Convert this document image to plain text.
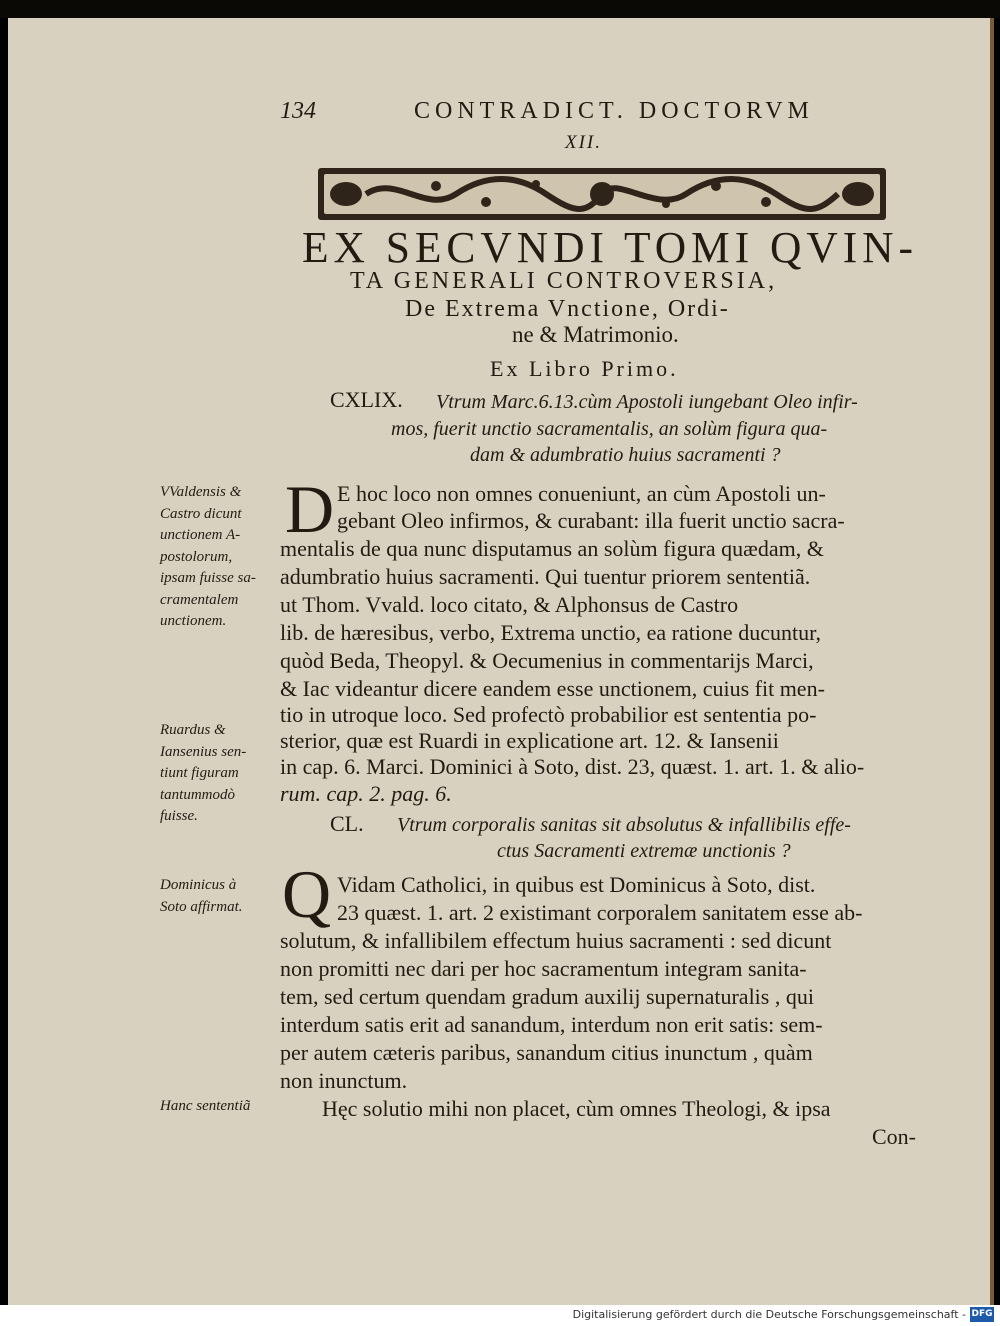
134	CONTRADICT. DOCTORVM
XII.
EX SECVNDI TOMI QVIN-
TA GENERALI CONTROVERSIA,
De Extrema Vnctione, Ordi-
ne & Matrimonio.
Ex Libro Primo.
CXLIX. Vtrum Marc.6.13.cùm Apostoli iungebant Oleo infir-
mos, fuerit unctio sacramentalis, an solùm figura qua-
dam & adumbratio huius sacramenti ?
VValdensis &
Castro dicunt
unctionem A-
postolorum,
ipsam fuisse sa-
cramentalem
unctionem.
D E hoc loco non omnes conueniunt, an cùm Apostoli un-
gebant Oleo infirmos, & curabant: illa fuerit unctio sacra-
mentalis de qua nunc disputamus an solùm figura quædam, &
adumbratio huius sacramenti. Qui tuentur priorem sententiã.
ut Thom. Vvald. loco citato, & Alphonsus de Castro
lib. de hæresibus, verbo, Extrema unctio, ea ratione ducuntur,
quòd Beda, Theopyl. & Oecumenius in commentarijs Marci,
& Iac videantur dicere eandem esse unctionem, cuius fit men-
tio in utroque loco. Sed profectò probabilior est sententia po-
sterior, quæ est Ruardi in explicatione art. 12. & Iansenii
in cap. 6. Marci. Dominici à Soto, dist. 23, quæst. 1. art. 1. & alio-
rum. cap. 2. pag. 6.
Ruardus &
Iansenius sen-
tiunt figuram
tantummodò
fuisse.	CL. Vtrum corporalis sanitas sit absolutus & infallibilis effe-
ctus Sacramenti extremæ unctionis ?
Dominicus à
Soto affirmat. Q Vidam Catholici, in quibus est Dominicus à Soto, dist.
23 quæst. 1. art. 2 existimant corporalem sanitatem esse ab-
solutum, & infallibilem effectum huius sacramenti : sed dicunt
non promitti nec dari per hoc sacramentum integram sanita-
tem, sed certum quendam gradum auxilij supernaturalis , qui
interdum satis erit ad sanandum, interdum non erit satis: sem-
per autem cæteris paribus, sanandum citius inunctum , quàm
non inunctum.
Hanc sententiã	Hęc solutio mihi non placet, cùm omnes Theologi, & ipsa
Con-
Digitalisierung gefördert durch die Deutsche Forschungsgemeinschaft - DFG
